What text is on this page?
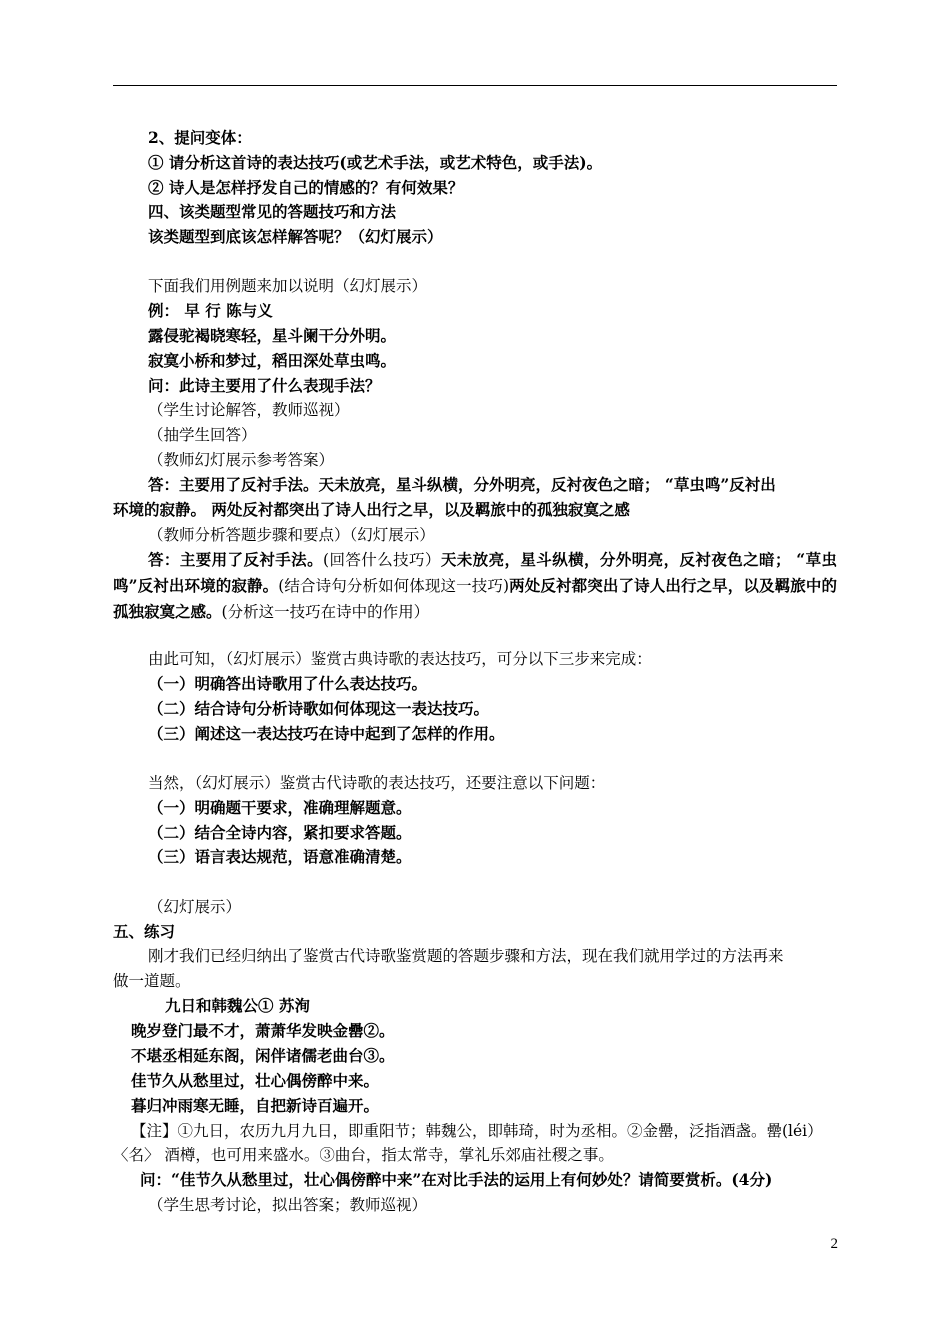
2、提问变体：
① 请分析这首诗的表达技巧(或艺术手法，或艺术特色，或手法)。
② 诗人是怎样抒发自己的情感的？有何效果？
四、该类题型常见的答题技巧和方法
该类题型到底该怎样解答呢？（幻灯展示）
下面我们用例题来加以说明（幻灯展示）
例： 早 行 陈与义
露侵驼褐晓寒轻，星斗阑干分外明。
寂寞小桥和梦过，稻田深处草虫鸣。
问：此诗主要用了什么表现手法？
（学生讨论解答，教师巡视）
（抽学生回答）
（教师幻灯展示参考答案）
答：主要用了反衬手法。天未放亮，星斗纵横，分外明亮，反衬夜色之暗； “草虫鸣”反衬出
环境的寂静。 两处反衬都突出了诗人出行之早，以及羁旅中的孤独寂寞之感
（教师分析答题步骤和要点）（幻灯展示）
答：主要用了反衬手法。(回答什么技巧）天未放亮，星斗纵横，分外明亮，反衬夜色之暗； “草虫鸣”反衬出环境的寂静。(结合诗句分析如何体现这一技巧)两处反衬都突出了诗人出行之早，以及羁旅中的孤独寂寞之感。(分析这一技巧在诗中的作用）
由此可知，（幻灯展示）鉴赏古典诗歌的表达技巧，可分以下三步来完成：
（一）明确答出诗歌用了什么表达技巧。
（二）结合诗句分析诗歌如何体现这一表达技巧。
（三）阐述这一表达技巧在诗中起到了怎样的作用。
当然，（幻灯展示）鉴赏古代诗歌的表达技巧，还要注意以下问题：
（一）明确题干要求，准确理解题意。
（二）结合全诗内容，紧扣要求答题。
（三）语言表达规范，语意准确清楚。
（幻灯展示）
五、练习
刚才我们已经归纳出了鉴赏古代诗歌鉴赏题的答题步骤和方法，现在我们就用学过的方法再来
做一道题。
九日和韩魏公① 苏洵
晚岁登门最不才，萧萧华发映金罍②。
不堪丞相延东阁，闲伴诸儒老曲台③。
佳节久从愁里过，壮心偶傍醉中来。
暮归冲雨寒无睡，自把新诗百遍开。
【注】①九日，农历九月九日，即重阳节；韩魏公，即韩琦，时为丞相。②金罍，泛指酒盏。罍(léi）
〈名〉 酒樽，也可用来盛水。③曲台，指太常寺，掌礼乐郊庙社稷之事。
问：“佳节久从愁里过，壮心偶傍醉中来”在对比手法的运用上有何妙处？请简要赏析。(4分)
（学生思考讨论，拟出答案；教师巡视）
2
